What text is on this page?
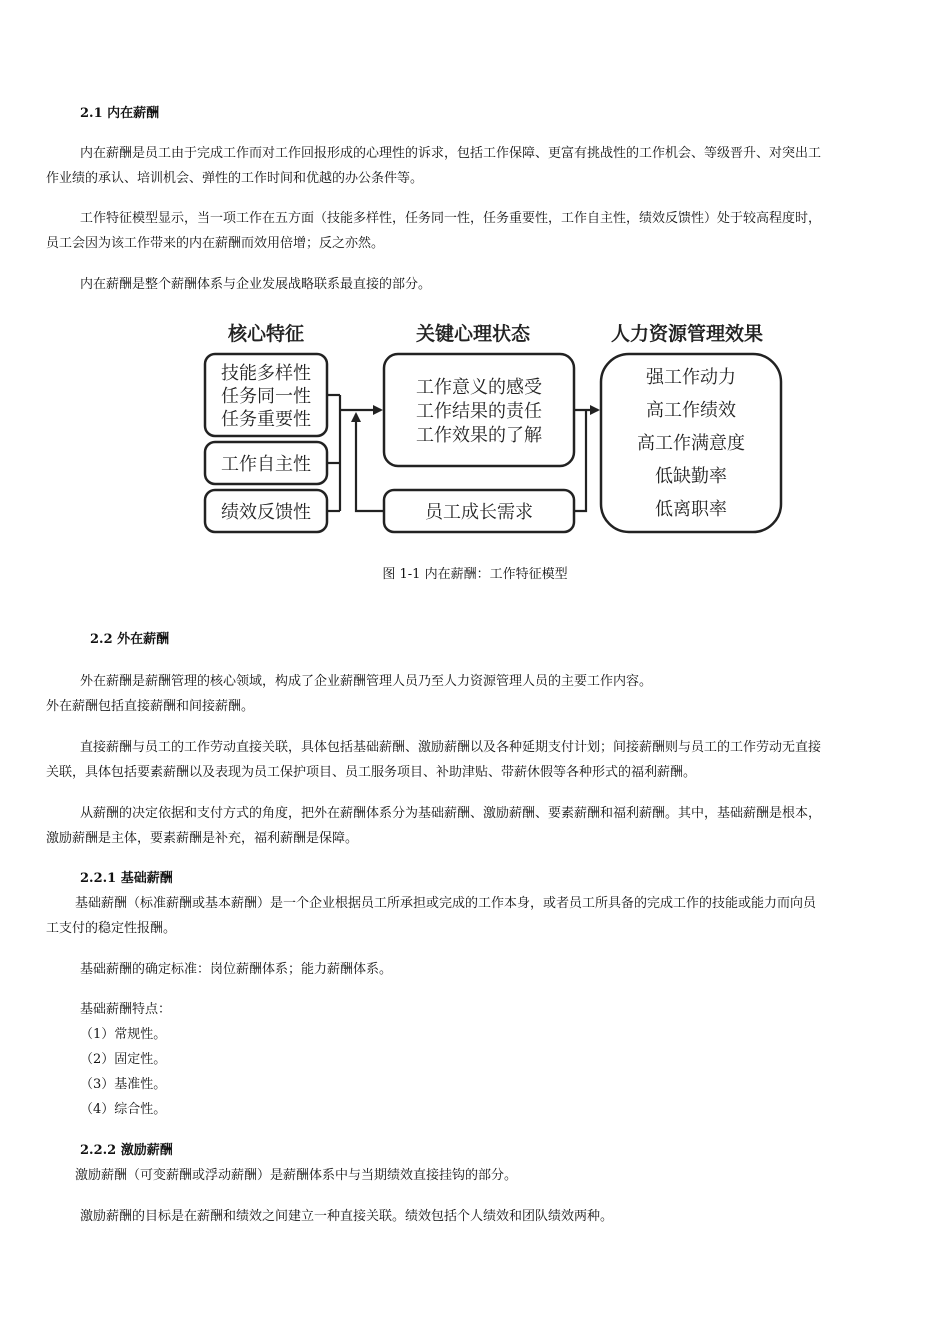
2.1 内在薪酬
内在薪酬是员工由于完成工作而对工作回报形成的心理性的诉求，包括工作保障、更富有挑战性的工作机会、等级晋升、对突出工
作业绩的承认、培训机会、弹性的工作时间和优越的办公条件等。
工作特征模型显示，当一项工作在五方面（技能多样性，任务同一性，任务重要性，工作自主性，绩效反馈性）处于较高程度时，
员工会因为该工作带来的内在薪酬而效用倍增；反之亦然。
内在薪酬是整个薪酬体系与企业发展战略联系最直接的部分。
核心特征	关键心理状态	人力资源管理效果
技能多样性
任务同一性
任务重要性
工作自主性
绩效反馈性
工作意义的感受
工作结果的责任
工作效果的了解
员工成长需求
强工作动力
高工作绩效
高工作满意度
低缺勤率
低离职率
图 1-1 内在薪酬：工作特征模型
2.2 外在薪酬
外在薪酬是薪酬管理的核心领域，构成了企业薪酬管理人员乃至人力资源管理人员的主要工作内容。
外在薪酬包括直接薪酬和间接薪酬。
直接薪酬与员工的工作劳动直接关联，具体包括基础薪酬、激励薪酬以及各种延期支付计划；间接薪酬则与员工的工作劳动无直接
关联，具体包括要素薪酬以及表现为员工保护项目、员工服务项目、补助津贴、带薪休假等各种形式的福利薪酬。
从薪酬的决定依据和支付方式的角度，把外在薪酬体系分为基础薪酬、激励薪酬、要素薪酬和福利薪酬。其中，基础薪酬是根本，
激励薪酬是主体，要素薪酬是补充，福利薪酬是保障。
2.2.1 基础薪酬
基础薪酬（标准薪酬或基本薪酬）是一个企业根据员工所承担或完成的工作本身，或者员工所具备的完成工作的技能或能力而向员
工支付的稳定性报酬。
基础薪酬的确定标准：岗位薪酬体系；能力薪酬体系。
基础薪酬特点：
（1）常规性。
（2）固定性。
（3）基准性。
（4）综合性。
2.2.2 激励薪酬
激励薪酬（可变薪酬或浮动薪酬）是薪酬体系中与当期绩效直接挂钩的部分。
激励薪酬的目标是在薪酬和绩效之间建立一种直接关联。绩效包括个人绩效和团队绩效两种。
